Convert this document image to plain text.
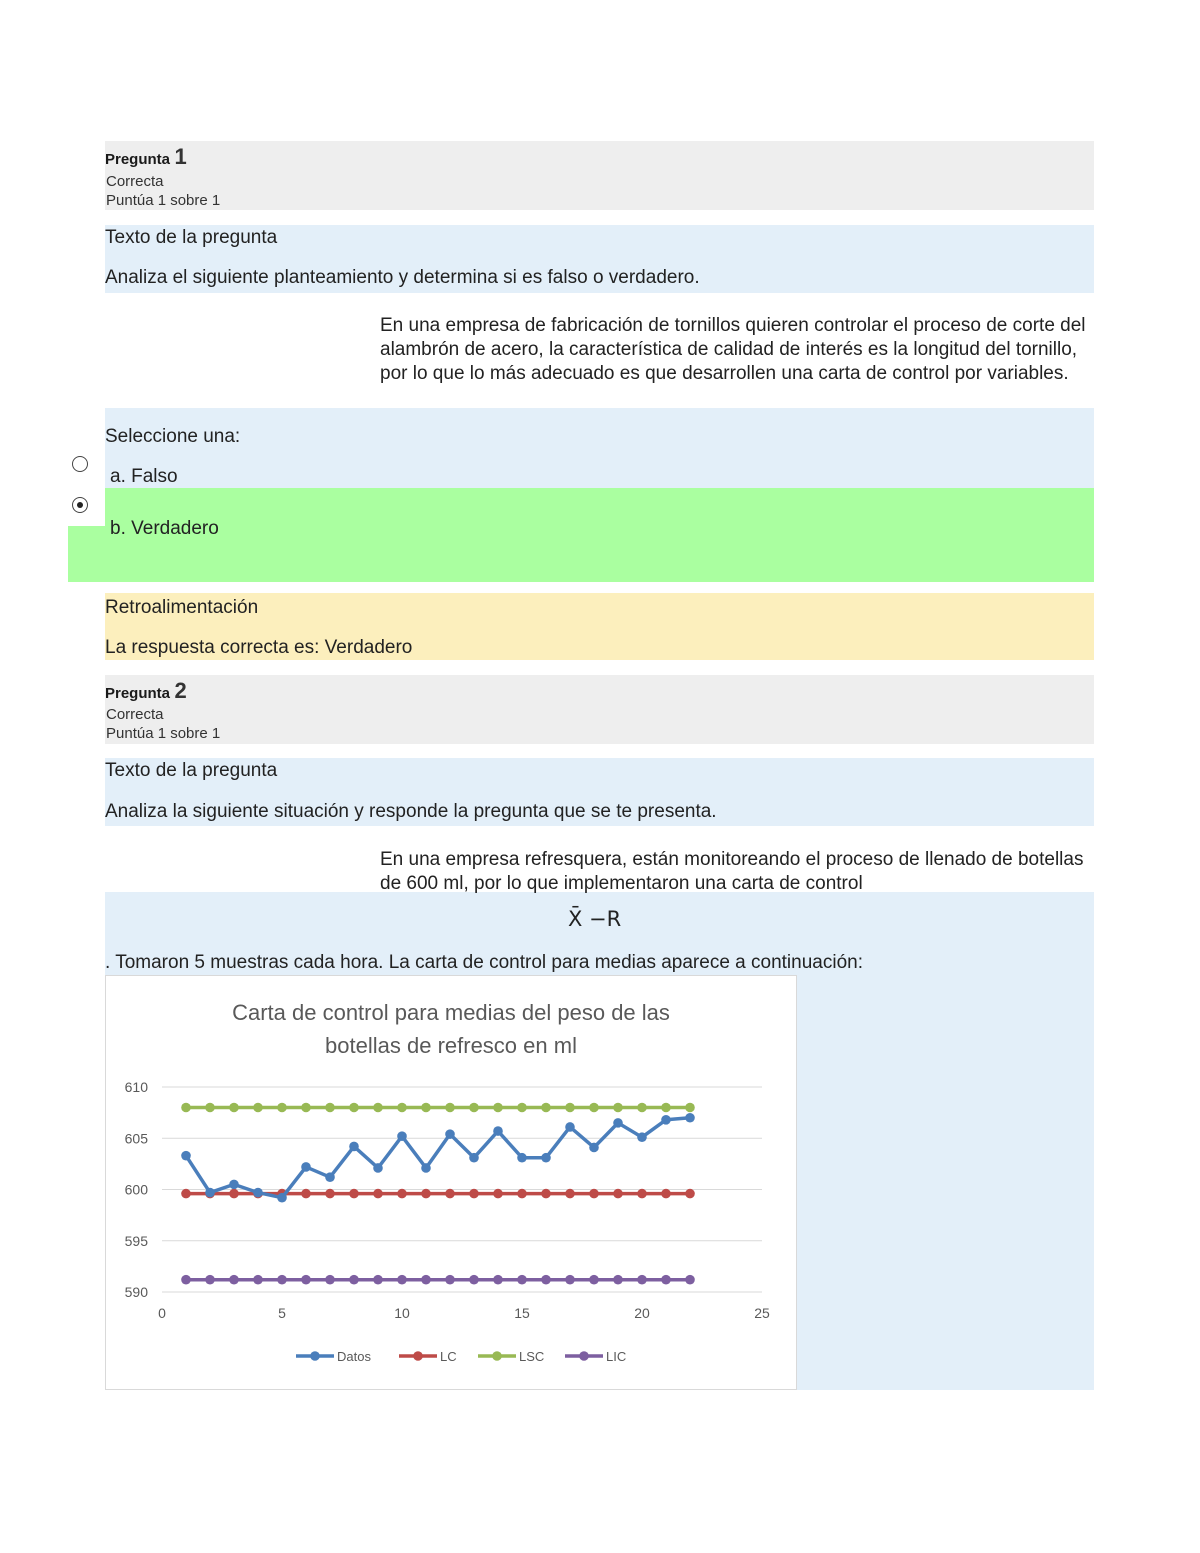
Pregunta 1
Correcta
Puntúa 1 sobre 1
Texto de la pregunta
Analiza el siguiente planteamiento y determina si es falso o verdadero.
En una empresa de fabricación de tornillos quieren controlar el proceso de corte del alambrón de acero, la característica de calidad de interés es la longitud del tornillo, por lo que lo más adecuado es que desarrollen una carta de control por variables.
Seleccione una:
a. Falso
b. Verdadero
Retroalimentación
La respuesta correcta es: Verdadero
Pregunta 2
Correcta
Puntúa 1 sobre 1
Texto de la pregunta
Analiza la siguiente situación y responde la pregunta que se te presenta.
En una empresa refresquera, están monitoreando el proceso de llenado de botellas de 600 ml, por lo que implementaron una carta de control
X̄ −R
. Tomaron 5 muestras cada hora. La carta de control para medias aparece a continuación:
Carta de control para medias del peso de las
botellas de refresco en ml
590
595
600
605
610
0	5	10	15	20	25
Datos	LC	LSC	LIC
